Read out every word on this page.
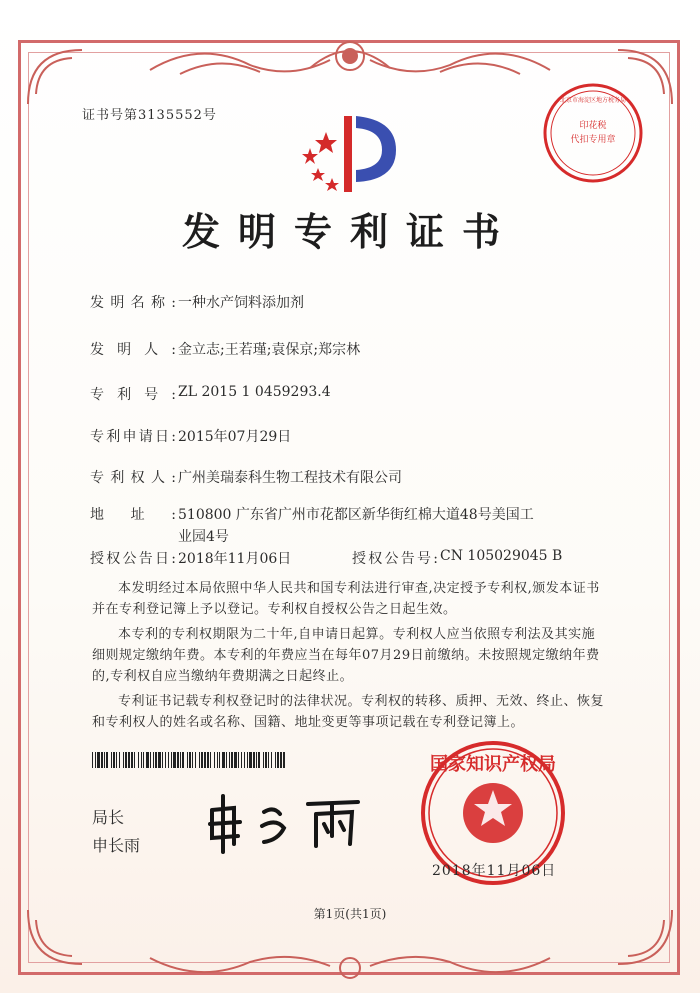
证书号第3135552号
印花税
代扣专用章
北京市海淀区地方税务局
发明专利证书
发明名称:一种水产饲料添加剂
发明人:金立志;王若瑾;袁保京;郑宗林
专利号:ZL 2015 1 0459293.4
专利申请日:2015年07月29日
专利权人:广州美瑞泰科生物工程技术有限公司
地址:510800 广东省广州市花都区新华街红棉大道48号美国工业园4号
授权公告日:2018年11月06日	授权公告号:CN 105029045 B

本发明经过本局依照中华人民共和国专利法进行审查,决定授予专利权,颁发本证书并在专利登记簿上予以登记。专利权自授权公告之日起生效。

本专利的专利权期限为二十年,自申请日起算。专利权人应当依照专利法及其实施细则规定缴纳年费。本专利的年费应当在每年07月29日前缴纳。未按照规定缴纳年费的,专利权自应当缴纳年费期满之日起终止。

专利证书记载专利权登记时的法律状况。专利权的转移、质押、无效、终止、恢复和专利权人的姓名或名称、国籍、地址变更等事项记载在专利登记簿上。

局长
申长雨
国家知识产权局
2018年11月06日
第1页(共1页)
